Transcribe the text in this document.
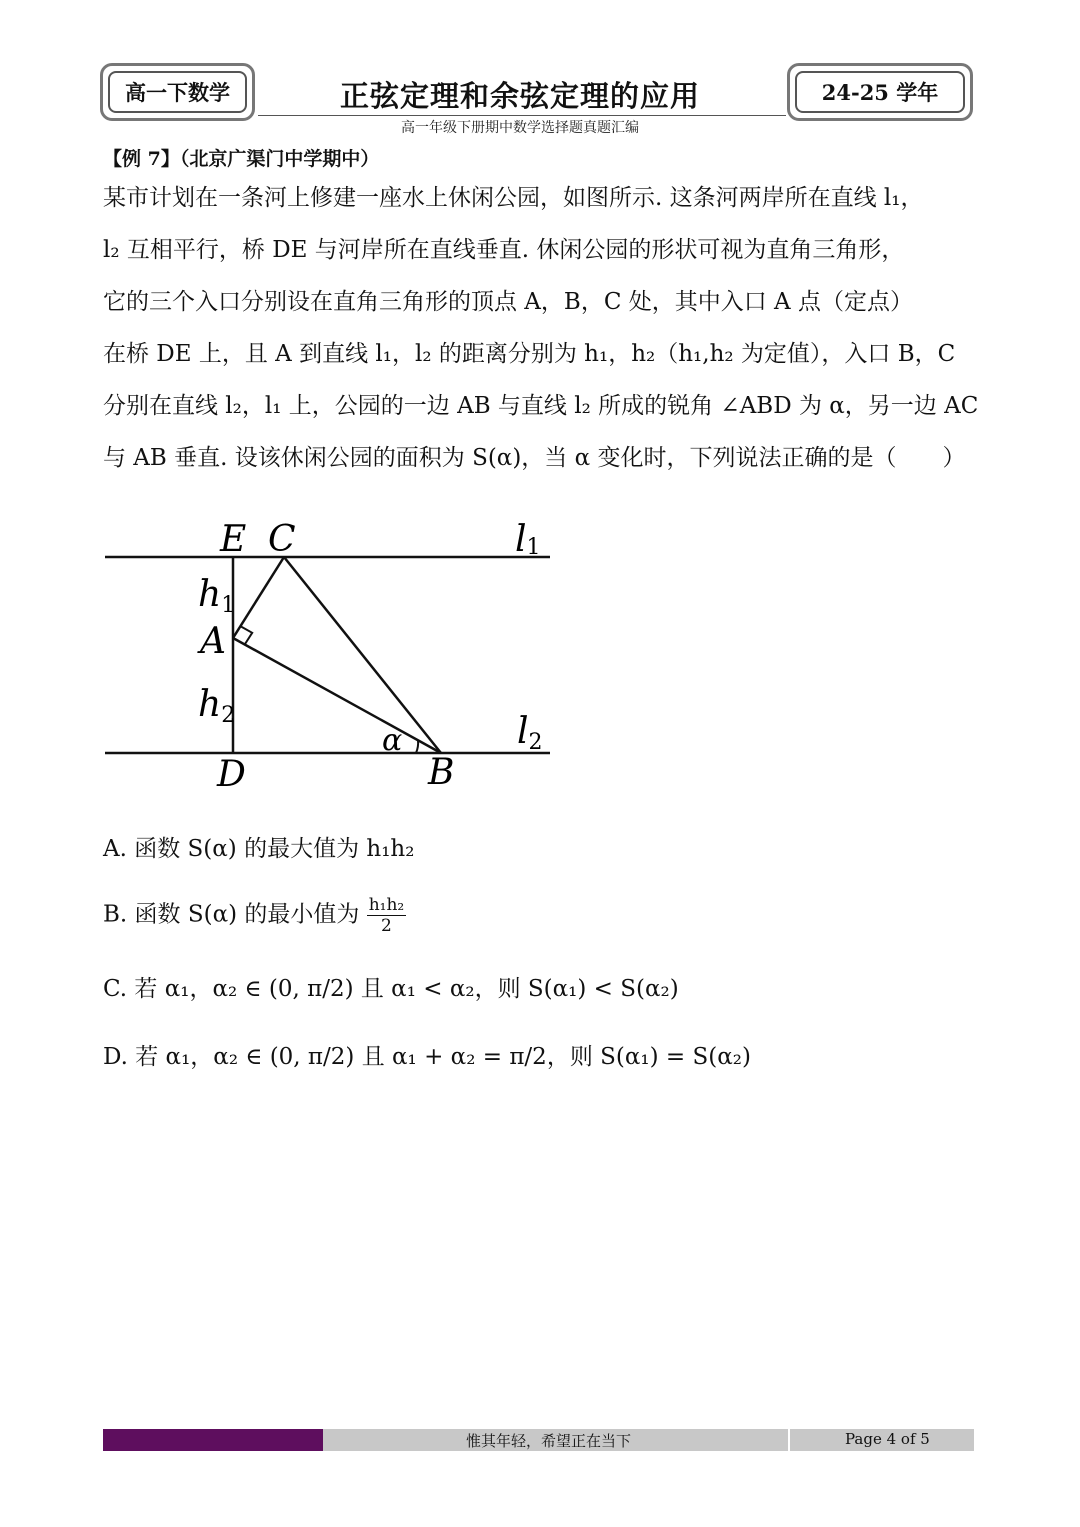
高一下数学	正弦定理和余弦定理的应用
高一年级下册期中数学选择题真题汇编
24-25 学年
【例 7】（北京广渠门中学期中）

某市计划在一条河上修建一座水上休闲公园，如图所示. 这条河两岸所在直线 l₁，

l₂ 互相平行，桥 DE 与河岸所在直线垂直. 休闲公园的形状可视为直角三角形，

它的三个入口分别设在直角三角形的顶点 A，B，C 处，其中入口 A 点（定点）

在桥 DE 上，且 A 到直线 l₁，l₂ 的距离分别为 h₁，h₂（h₁,h₂ 为定值），入口 B，C

分别在直线 l₂，l₁ 上，公园的一边 AB 与直线 l₂ 所成的锐角 ∠ABD 为 α，另一边 AC

与 AB 垂直. 设该休闲公园的面积为 S(α)，当 α 变化时，下列说法正确的是（　　）

E C	l1
h1
A
h2
α	l2
D	B
A. 函数 S(α) 的最大值为 h₁h₂
B. 函数 S(α) 的最小值为 $\frac{\text{h₁h₂}}{2}$
C. 若 α₁，α₂ ∈ (0, π/2) 且 α₁ < α₂，则 S(α₁) < S(α₂)
D. 若 α₁，α₂ ∈ (0, π/2) 且 α₁ + α₂ = π/2，则 S(α₁) = S(α₂)
惟其年轻，希望正在当下	Page 4 of 5
